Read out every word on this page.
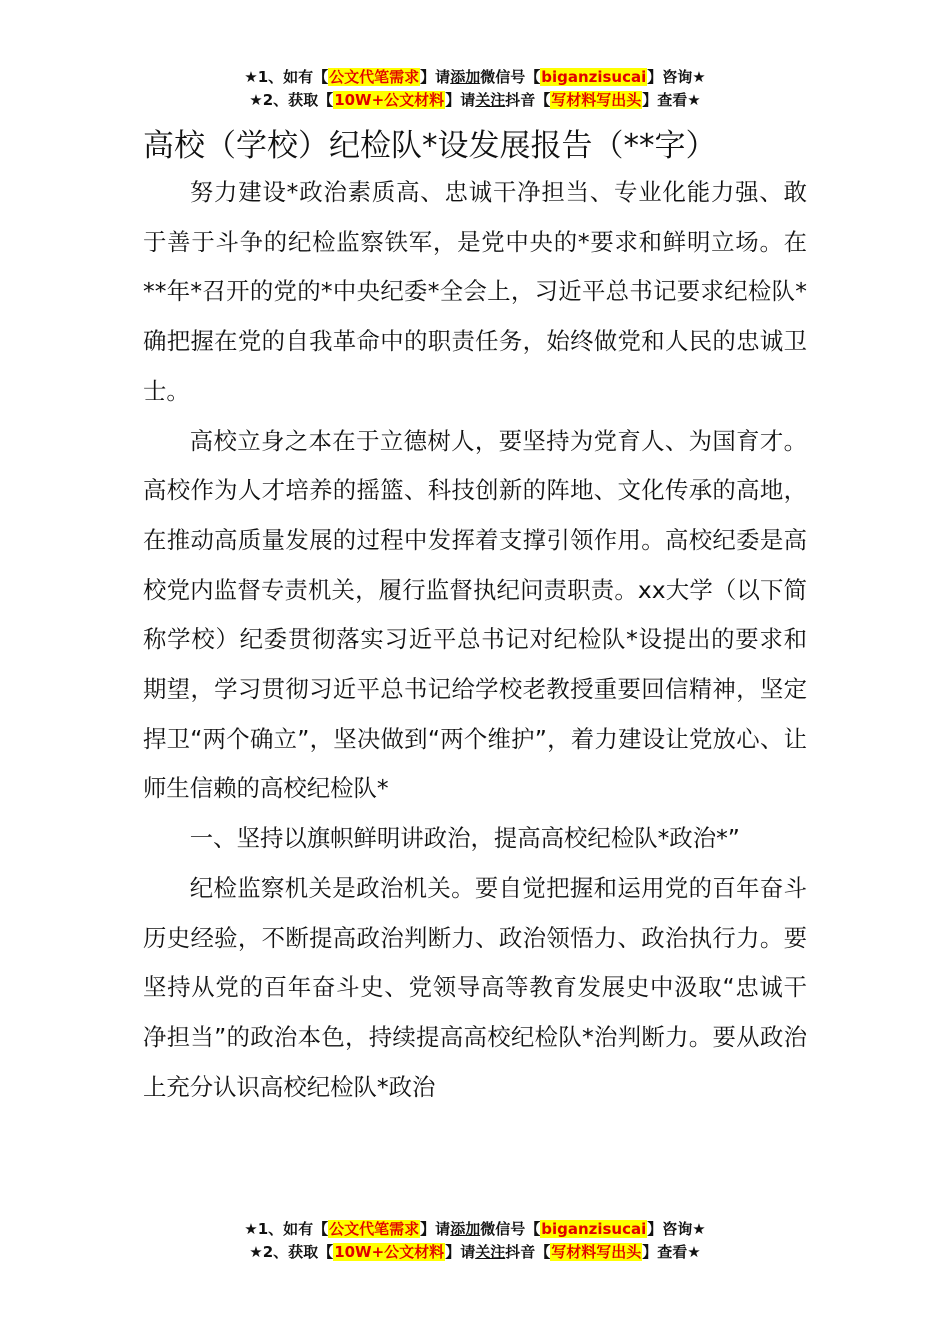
★1、如有【公文代笔需求】请添加微信号【biganzisucai】咨询★
★2、获取【10W+公文材料】请关注抖音【写材料写出头】查看★
高校（学校）纪检队*设发展报告（**字）

努力建设*政治素质高、忠诚干净担当、专业化能力强、敢于善于斗争的纪检监察铁军，是党中央的*要求和鲜明立场。在**年*召开的党的*中央纪委*全会上，习近平总书记要求纪检队*确把握在党的自我革命中的职责任务，始终做党和人民的忠诚卫士。

高校立身之本在于立德树人，要坚持为党育人、为国育才。高校作为人才培养的摇篮、科技创新的阵地、文化传承的高地，在推动高质量发展的过程中发挥着支撑引领作用。高校纪委是高校党内监督专责机关，履行监督执纪问责职责。xx大学（以下简称学校）纪委贯彻落实习近平总书记对纪检队*设提出的要求和期望，学习贯彻习近平总书记给学校老教授重要回信精神，坚定捍卫“两个确立”，坚决做到“两个维护”，着力建设让党放心、让师生信赖的高校纪检队*

一、坚持以旗帜鲜明讲政治，提高高校纪检队*政治*”

纪检监察机关是政治机关。要自觉把握和运用党的百年奋斗历史经验，不断提高政治判断力、政治领悟力、政治执行力。要坚持从党的百年奋斗史、党领导高等教育发展史中汲取“忠诚干净担当”的政治本色，持续提高高校纪检队*治判断力。要从政治上充分认识高校纪检队*政治

★1、如有【公文代笔需求】请添加微信号【biganzisucai】咨询★
★2、获取【10W+公文材料】请关注抖音【写材料写出头】查看★
